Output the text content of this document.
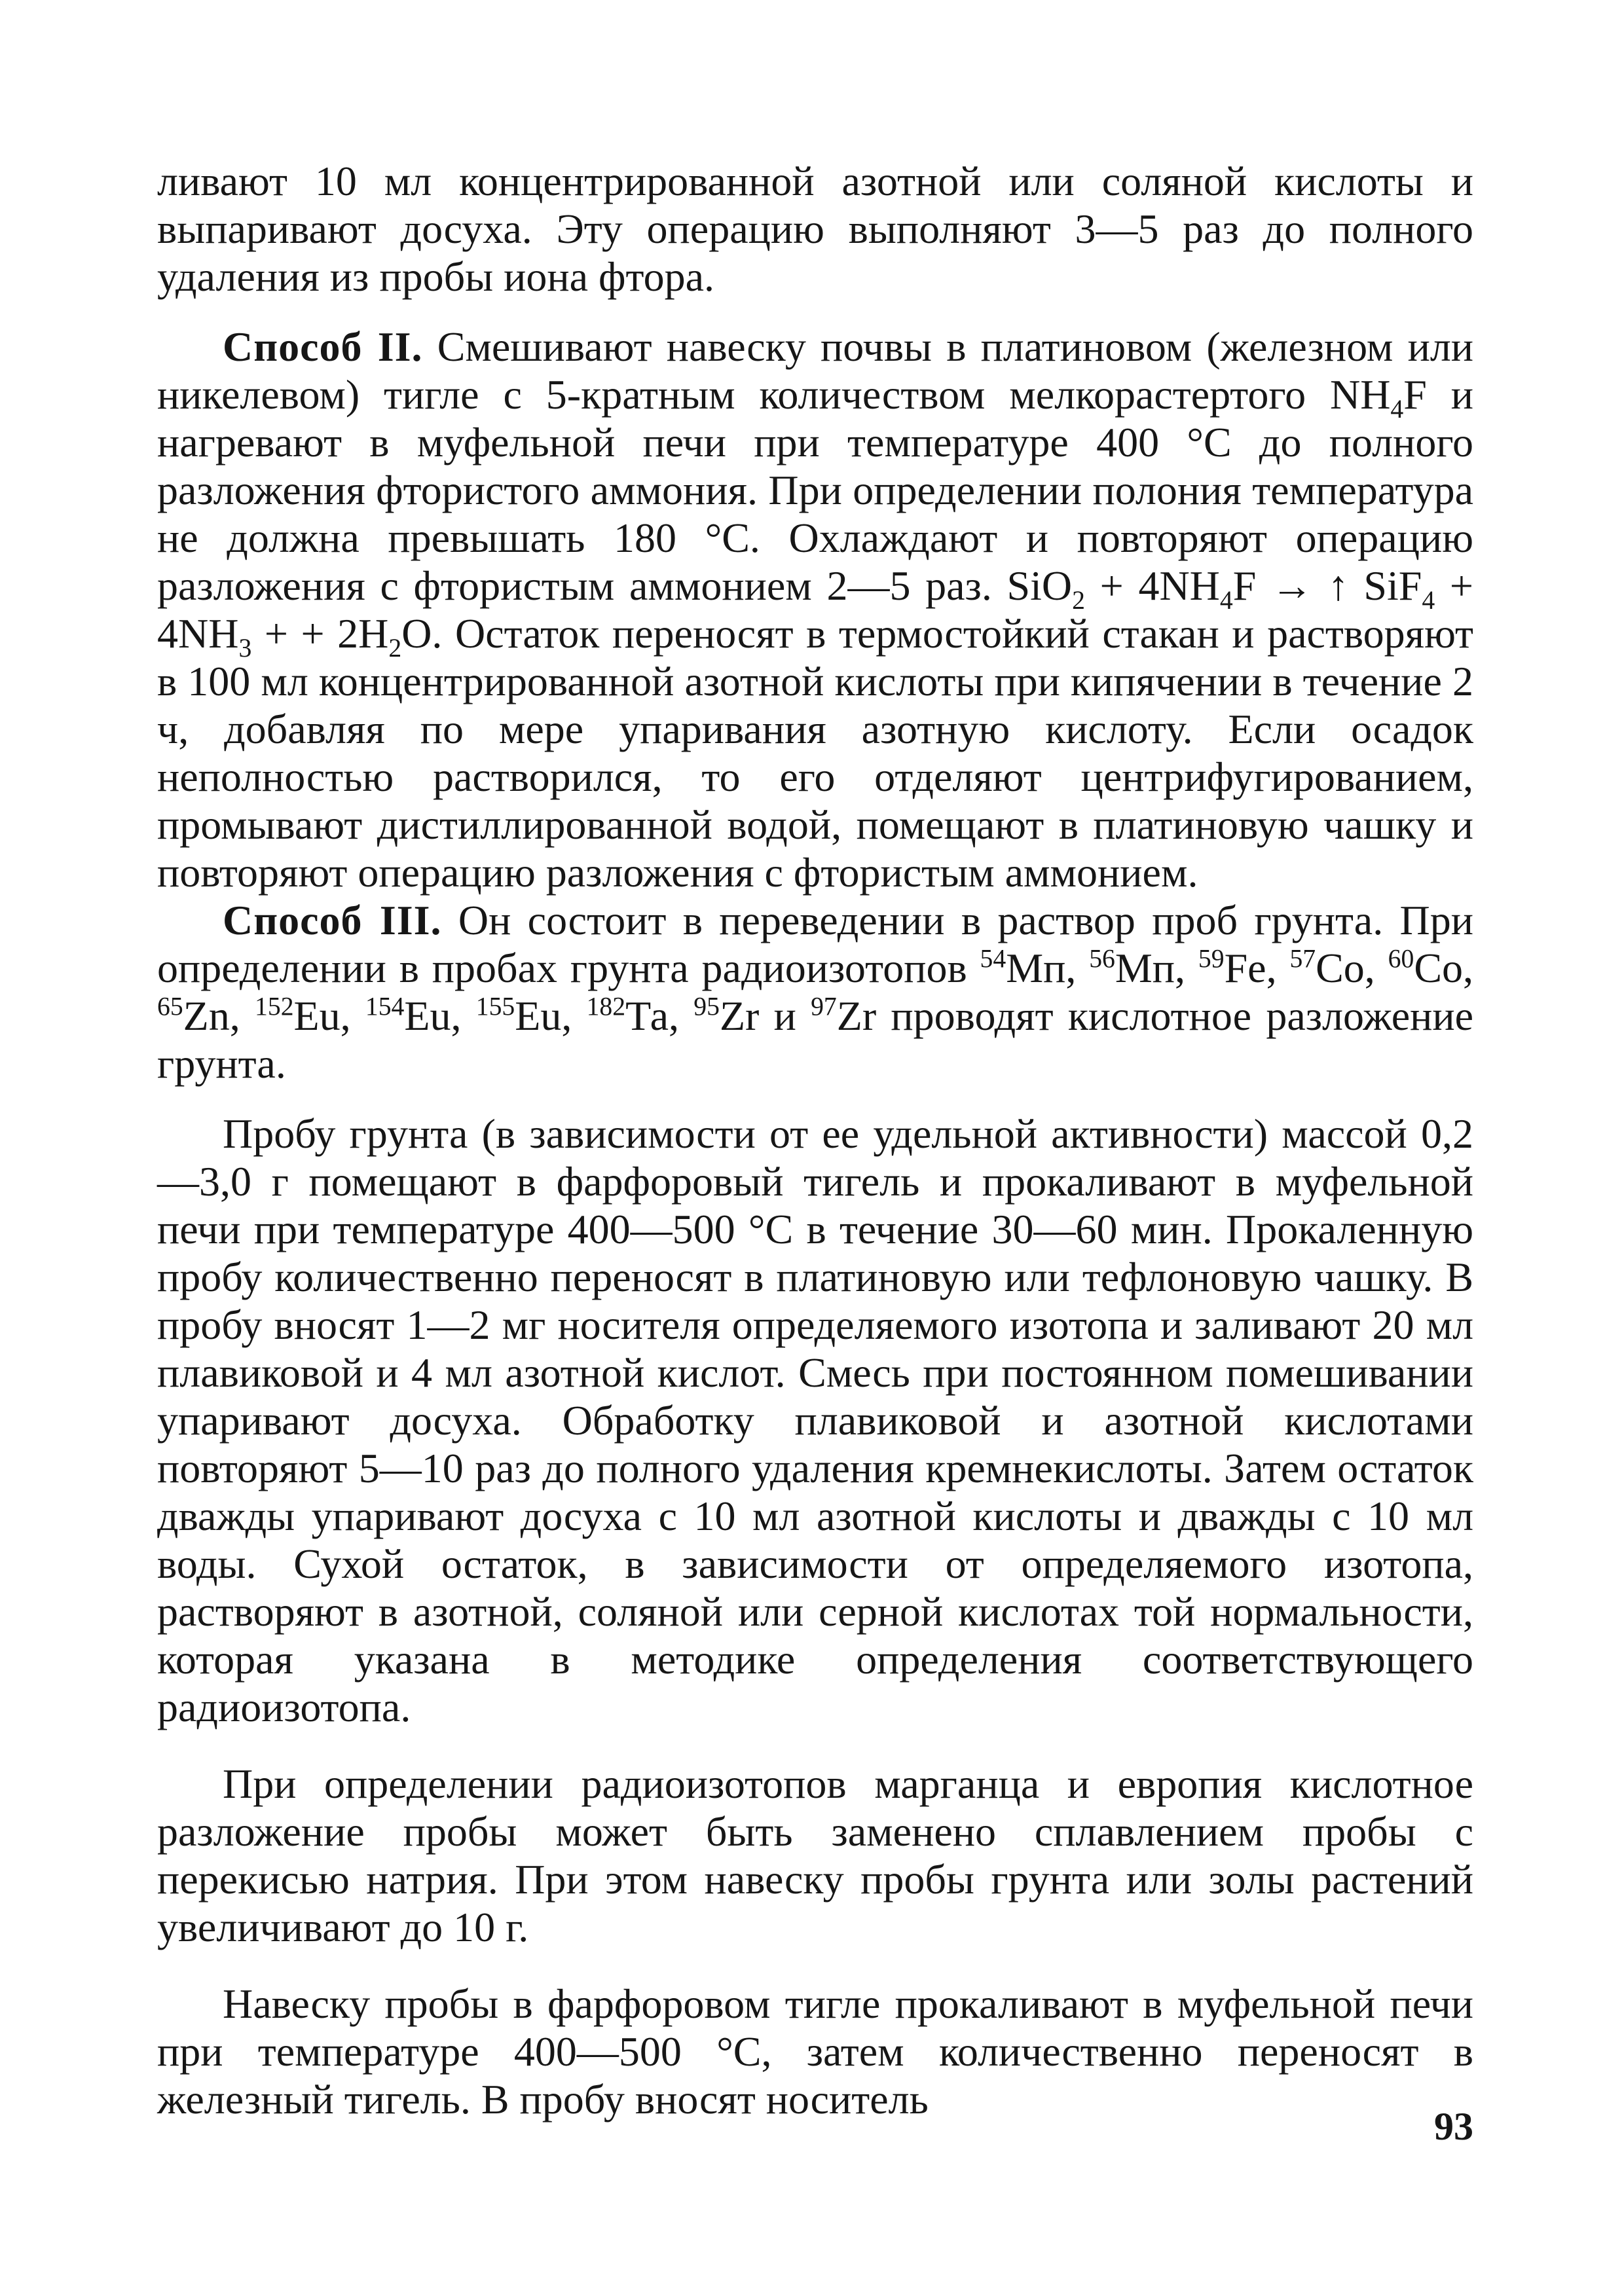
ливают 10 мл концентрированной азотной или соляной кислоты и выпаривают досуха. Эту операцию выполняют 3—5 раз до полного удаления из пробы иона фтора.

Способ II. Смешивают навеску почвы в платиновом (железном или никелевом) тигле с 5-кратным количеством мелкорастертого $NH_4F$ и нагревают в муфельной печи при температуре 400 °С до полного разложения фтористого аммония. При определении полония температура не должна превышать 180 °С. Охлаждают и повторяют операцию разложения с фтористым аммонием 2—5 раз. $SiO_2 + 4NH_4F$ → ↑ $SiF_4 + 4NH_3$ + + $2H_2O$. Остаток переносят в термостойкий стакан и растворяют в 100 мл концентрированной азотной кислоты при кипячении в течение 2 ч, добавляя по мере упаривания азотную кислоту. Если осадок неполностью растворился, то его отделяют центрифугированием, промывают дистиллированной водой, помещают в платиновую чашку и повторяют операцию разложения с фтористым аммонием.

Способ III. Он состоит в переведении в раствор проб грунта. При определении в пробах грунта радиоизотопов $^{54}$Мп, $^{56}$Мп, $^{59}$Fe, $^{57}$Co, $^{60}$Co, $^{65}$Zn, $^{152}$Eu, $^{154}$Eu, $^{155}$Eu, $^{182}$Та, $^{95}$Zr и $^{97}$Zr проводят кислотное разложение грунта.

Пробу грунта (в зависимости от ее удельной активности) массой 0,2—3,0 г помещают в фарфоровый тигель и прокаливают в муфельной печи при температуре 400—500 °С в течение 30—60 мин. Прокаленную пробу количественно переносят в платиновую или тефлоновую чашку. В пробу вносят 1—2 мг носителя определяемого изотопа и заливают 20 мл плавиковой и 4 мл азотной кислот. Смесь при постоянном помешивании упаривают досуха. Обработку плавиковой и азотной кислотами повторяют 5—10 раз до полного удаления кремнекислоты. Затем остаток дважды упаривают досуха с 10 мл азотной кислоты и дважды с 10 мл воды. Сухой остаток, в зависимости от определяемого изотопа, растворяют в азотной, соляной или серной кислотах той нормальности, которая указана в методике определения соответствующего радиоизотопа.

При определении радиоизотопов марганца и европия кислотное разложение пробы может быть заменено сплавлением пробы с перекисью натрия. При этом навеску пробы грунта или золы растений увеличивают до 10 г.

Навеску пробы в фарфоровом тигле прокаливают в муфельной печи при температуре 400—500 °С, затем количественно переносят в железный тигель. В пробу вносят носитель

93
